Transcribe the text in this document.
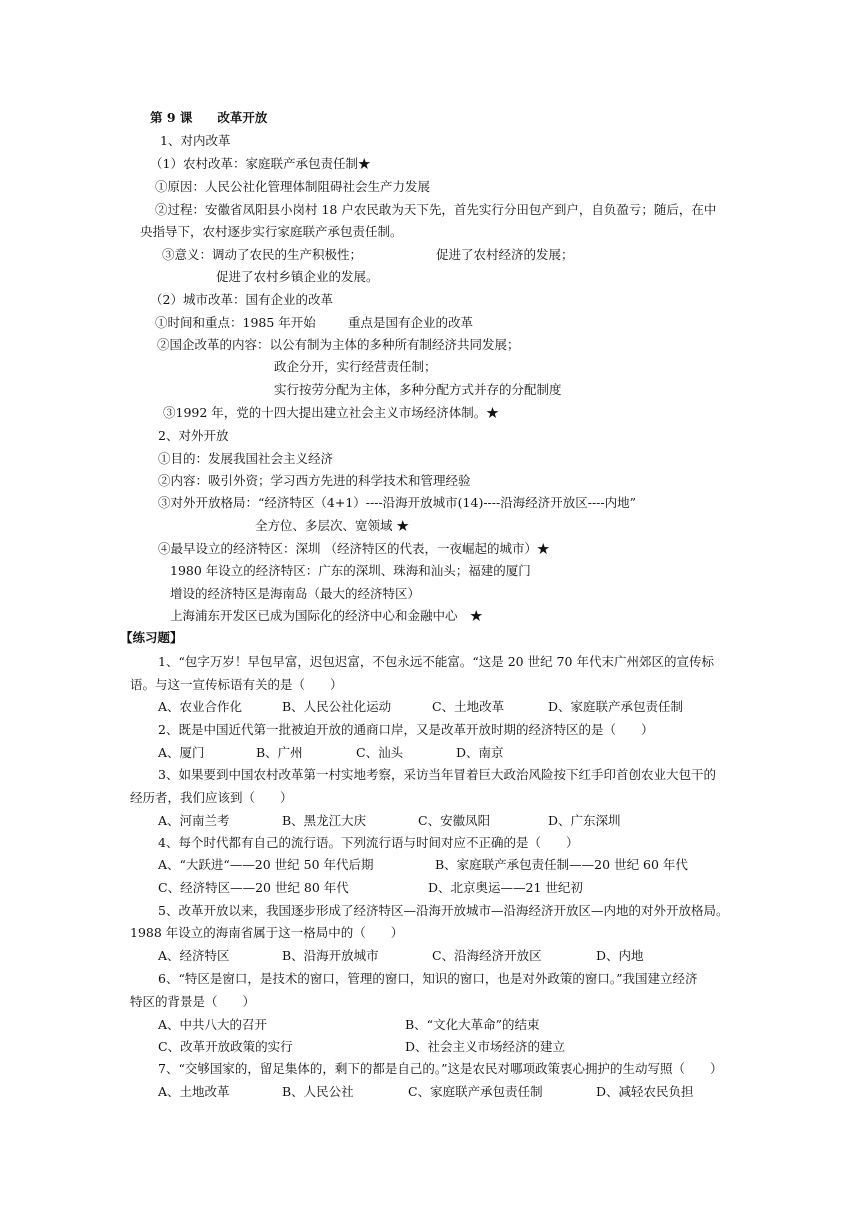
第 9 课　　改革开放
1、对内改革
（1）农村改革：家庭联产承包责任制★
①原因：人民公社化管理体制阻碍社会生产力发展
②过程：安徽省凤阳县小岗村 18 户农民敢为天下先，首先实行分田包产到户，自负盈亏；随后，在中
央指导下，农村逐步实行家庭联产承包责任制。
③意义：调动了农民的生产积极性；	促进了农村经济的发展；
促进了农村乡镇企业的发展。
（2）城市改革：国有企业的改革
①时间和重点：1985 年开始	重点是国有企业的改革
②国企改革的内容：以公有制为主体的多种所有制经济共同发展；
政企分开，实行经营责任制；
实行按劳分配为主体，多种分配方式并存的分配制度
③1992 年，党的十四大提出建立社会主义市场经济体制。★
2、对外开放
①目的：发展我国社会主义经济
②内容：吸引外资；学习西方先进的科学技术和管理经验
③对外开放格局：“经济特区（4+1）----沿海开放城市(14)----沿海经济开放区----内地”
全方位、多层次、宽领域 ★
④最早设立的经济特区：深圳 （经济特区的代表，一夜崛起的城市）★
1980 年设立的经济特区：广东的深圳、珠海和汕头；福建的厦门
增设的经济特区是海南岛（最大的经济特区）
上海浦东开发区已成为国际化的经济中心和金融中心　★
【练习题】
1、“包字万岁！早包早富，迟包迟富，不包永远不能富。“这是 20 世纪 70 年代末广州郊区的宣传标
语。与这一宣传标语有关的是（　　）
A、农业合作化	B、人民公社化运动	C、土地改革	D、家庭联产承包责任制
2、既是中国近代第一批被迫开放的通商口岸，又是改革开放时期的经济特区的是（　　）
A、厦门	B、广州	C、汕头	D、南京
3、如果要到中国农村改革第一村实地考察，采访当年冒着巨大政治风险按下红手印首创农业大包干的
经历者，我们应该到（　　）
A、河南兰考	B、黑龙江大庆	C、安徽凤阳	D、广东深圳
4、每个时代都有自己的流行语。下列流行语与时间对应不正确的是（　　）
A、“大跃进“——20 世纪 50 年代后期	B、家庭联产承包责任制——20 世纪 60 年代
C、经济特区——20 世纪 80 年代	D、北京奥运——21 世纪初
5、改革开放以来，我国逐步形成了经济特区—沿海开放城市—沿海经济开放区—内地的对外开放格局。
1988 年设立的海南省属于这一格局中的（　　）
A、经济特区	B、沿海开放城市	C、沿海经济开放区	D、内地
6、“特区是窗口，是技术的窗口，管理的窗口，知识的窗口，也是对外政策的窗口。”我国建立经济
特区的背景是（　　）
A、中共八大的召开	B、“文化大革命”的结束
C、改革开放政策的实行	D、社会主义市场经济的建立
7、“交够国家的，留足集体的，剩下的都是自己的。”这是农民对哪项政策衷心拥护的生动写照（　　）
A、土地改革	B、人民公社	C、家庭联产承包责任制	D、减轻农民负担
